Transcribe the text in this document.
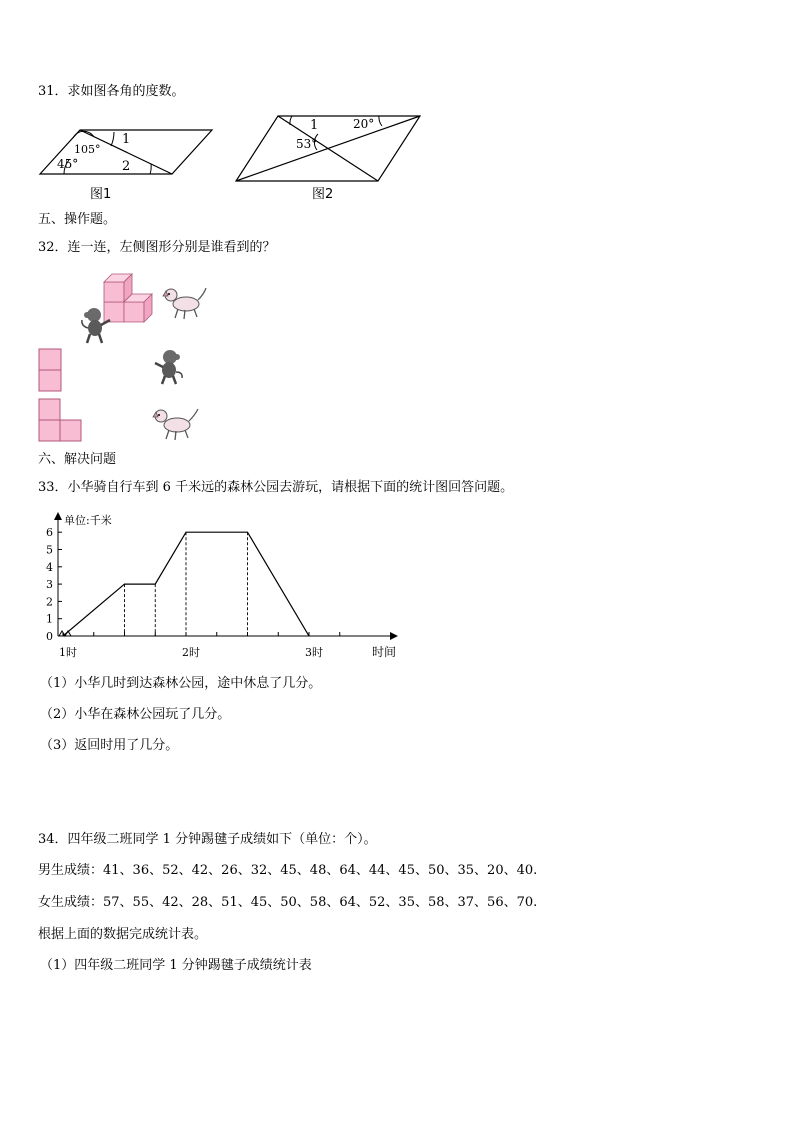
31．求如图各角的度数。
105°
45°
1
2
图1
1	20°
53°
图2
五、操作题。
32．连一连，左侧图形分别是谁看到的？
六、解决问题
33．小华骑自行车到 6 千米远的森林公园去游玩，请根据下面的统计图回答问题。
0
1
2
3
4
5
6
1时	2时	3时
单位:千米
时间
（1）小华几时到达森林公园，途中休息了几分。
（2）小华在森林公园玩了几分。
（3）返回时用了几分。
34．四年级二班同学 1 分钟踢毽子成绩如下（单位：个）。
男生成绩：41、36、52、42、26、32、45、48、64、44、45、50、35、20、40.
女生成绩：57、55、42、28、51、45、50、58、64、52、35、58、37、56、70.
根据上面的数据完成统计表。
（1）四年级二班同学 1 分钟踢毽子成绩统计表
